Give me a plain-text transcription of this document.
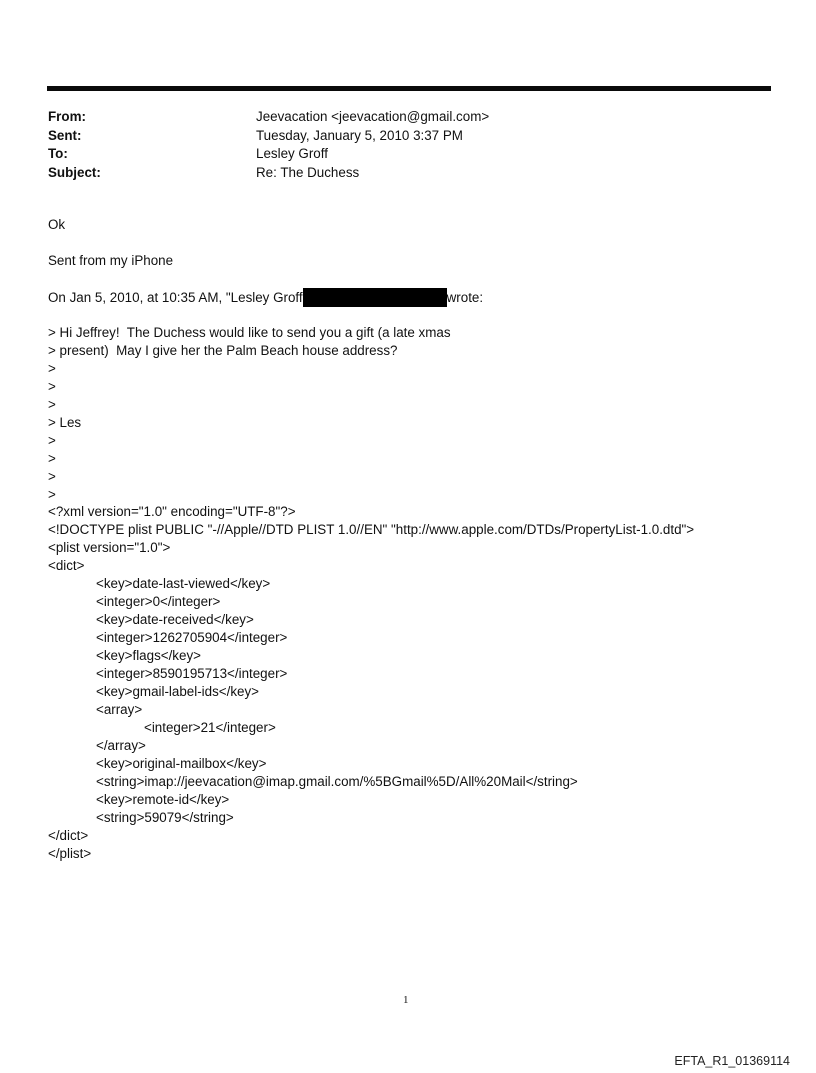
From:	Jeevacation <jeevacation@gmail.com>
Sent:	Tuesday, January 5, 2010 3:37 PM
To:	Lesley Groff
Subject:	Re: The Duchess
Ok
Sent from my iPhone
On Jan 5, 2010, at 10:35 AM, "Lesley Groff	wrote:
> Hi Jeffrey!  The Duchess would like to send you a gift (a late xmas
> present)  May I give her the Palm Beach house address?
>
>
>
> Les
>
>
>
>
<?xml version="1.0" encoding="UTF-8"?>
<!DOCTYPE plist PUBLIC "-//Apple//DTD PLIST 1.0//EN" "http://www.apple.com/DTDs/PropertyList-1.0.dtd">
<plist version="1.0">
<dict>
<key>date-last-viewed</key>
<integer>0</integer>
<key>date-received</key>
<integer>1262705904</integer>
<key>flags</key>
<integer>8590195713</integer>
<key>gmail-label-ids</key>
<array>
<integer>21</integer>
</array>
<key>original-mailbox</key>
<string>imap://jeevacation@imap.gmail.com/%5BGmail%5D/All%20Mail</string>
<key>remote-id</key>
<string>59079</string>
</dict>
</plist>
1
EFTA_R1_01369114
